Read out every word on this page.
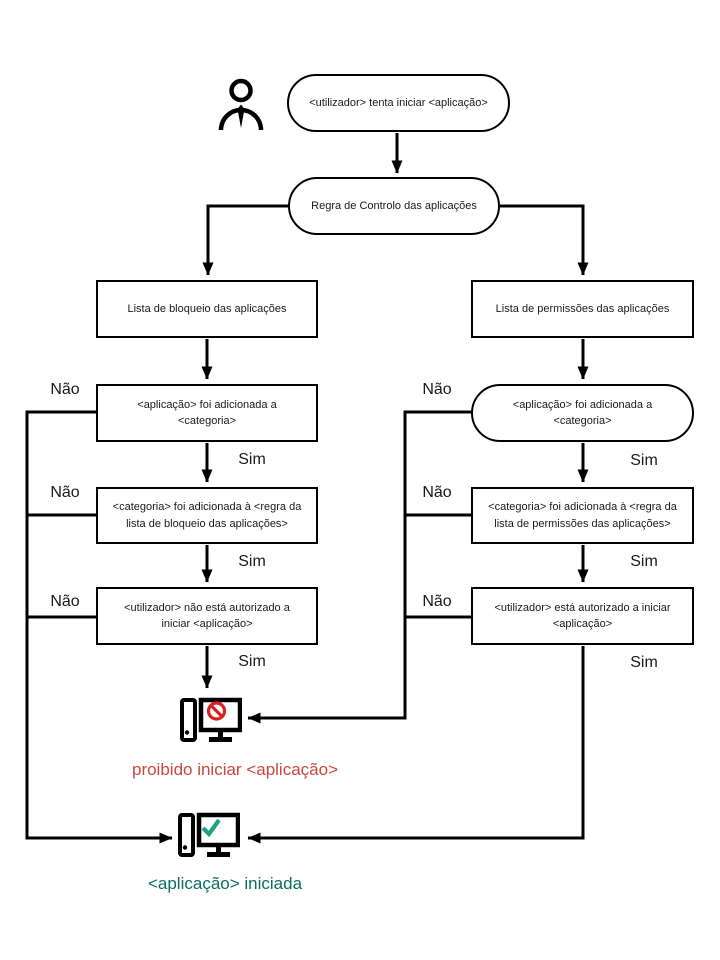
<utilizador> tenta iniciar <aplicação>
Regra de Controlo das aplicações
Lista de bloqueio das aplicações	Lista de permissões das aplicações
<aplicação> foi adicionada a <categoria>
<aplicação> foi adicionada a <categoria>
<categoria> foi adicionada à <regra da lista de bloqueio das aplicações>
<categoria> foi adicionada à <regra da lista de permissões das aplicações>
<utilizador> não está autorizado a iniciar <aplicação>
<utilizador> está autorizado a iniciar <aplicação>
Não
Não
Não
Sim
Sim
Sim
Não
Não
Não
Sim
Sim
Sim
proibido iniciar <aplicação>
<aplicação> iniciada
